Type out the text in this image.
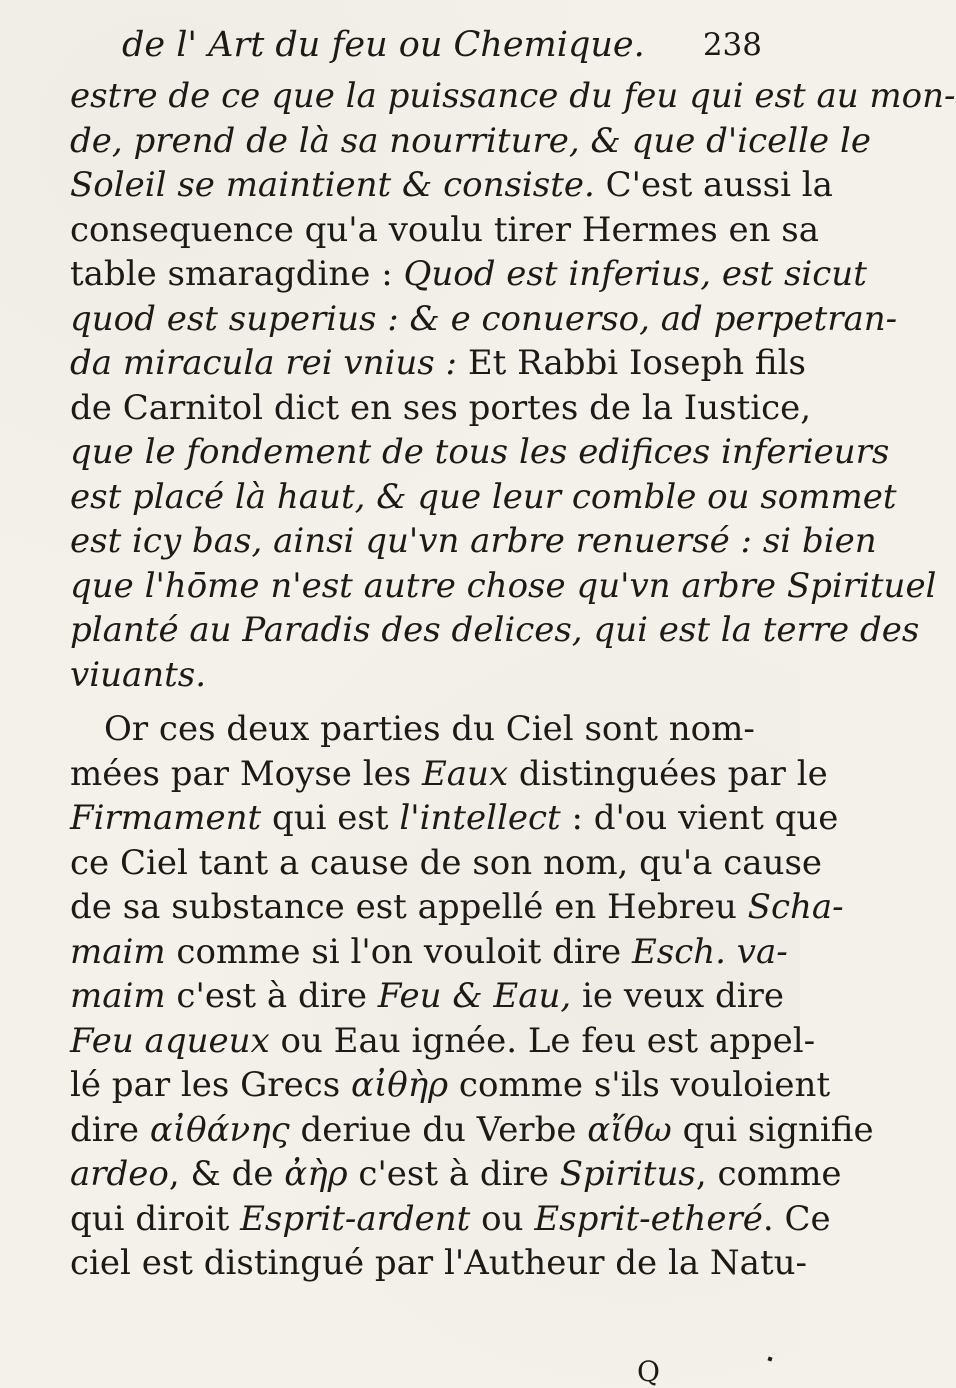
de l' Art du feu ou Chemique. 238
estre de ce que la puissance du feu qui est au mon-
de, prend de là sa nourriture, & que d'icelle le
Soleil se maintient & consiste. C'est aussi la
consequence qu'a voulu tirer Hermes en sa
table smaragdine : Quod est inferius, est sicut
quod est superius : & e conuerso, ad perpetran-
da miracula rei vnius : Et Rabbi Ioseph fils
de Carnitol dict en ses portes de la Iustice,
que le fondement de tous les edifices inferieurs
est placé là haut, & que leur comble ou sommet
est icy bas, ainsi qu'vn arbre renuersé : si bien
que l'hōme n'est autre chose qu'vn arbre Spirituel
planté au Paradis des delices, qui est la terre des
viuants.
Or ces deux parties du Ciel sont nom-
mées par Moyse les Eaux distinguées par le
Firmament qui est l'intellect : d'ou vient que
ce Ciel tant a cause de son nom, qu'a cause
de sa substance est appellé en Hebreu Scha-
maim comme si l'on vouloit dire Esch. va-
maim c'est à dire Feu & Eau, ie veux dire
Feu aqueux ou Eau ignée. Le feu est appel-
lé par les Grecs αἰθὴρ comme s'ils vouloient
dire αἰθάνης deriue du Verbe αἴθω qui signifie
ardeo, & de ἀὴρ c'est à dire Spiritus, comme
qui diroit Esprit-ardent ou Esprit-etheré. Ce
ciel est distingué par l'Autheur de la Natu-
Q
